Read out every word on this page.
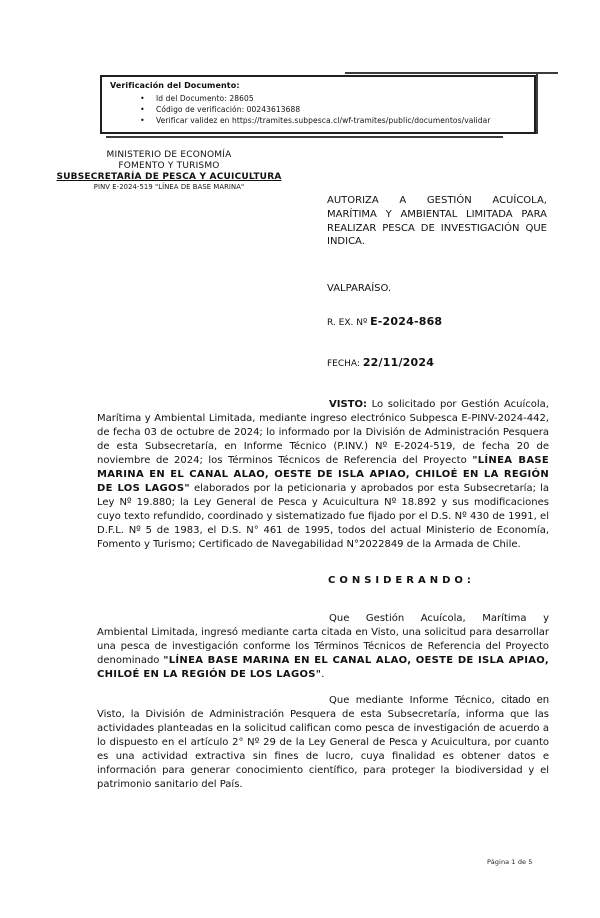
Verificación del Documento:
• Id del Documento: 28605
• Código de verificación: 00243613688
• Verificar validez en https://tramites.subpesca.cl/wf-tramites/public/documentos/validar
MINISTERIO DE ECONOMÍA
FOMENTO Y TURISMO
SUBSECRETARÍA DE PESCA Y ACUICULTURA
PINV E-2024-519 "LÍNEA DE BASE MARINA"
AUTORIZA A GESTIÓN ACUÍCOLA, MARÍTIMA Y AMBIENTAL LIMITADA PARA REALIZAR PESCA DE INVESTIGACIÓN QUE INDICA.
VALPARAÍSO.
R. EX. Nº E-2024-868
FECHA: 22/11/2024

VISTO: Lo solicitado por Gestión Acuícola, Marítima y Ambiental Limitada, mediante ingreso electrónico Subpesca E-PINV-2024-442, de fecha 03 de octubre de 2024; lo informado por la División de Administración Pesquera de esta Subsecretaría, en Informe Técnico (P.INV.) Nº E-2024-519, de fecha 20 de noviembre de 2024; los Términos Técnicos de Referencia del Proyecto "LÍNEA BASE MARINA EN EL CANAL ALAO, OESTE DE ISLA APIAO, CHILOÉ EN LA REGIÓN DE LOS LAGOS" elaborados por la peticionaria y aprobados por esta Subsecretaría; la Ley Nº 19.880; la Ley General de Pesca y Acuicultura Nº 18.892 y sus modificaciones cuyo texto refundido, coordinado y sistematizado fue fijado por el D.S. Nº 430 de 1991, el D.F.L. Nº 5 de 1983, el D.S. N° 461 de 1995, todos del actual Ministerio de Economía, Fomento y Turismo; Certificado de Navegabilidad N°2022849 de la Armada de Chile.

CONSIDERANDO:

Que Gestión Acuícola, Marítima y Ambiental Limitada, ingresó mediante carta citada en Visto, una solicitud para desarrollar una pesca de investigación conforme los Términos Técnicos de Referencia del Proyecto denominado "LÍNEA BASE MARINA EN EL CANAL ALAO, OESTE DE ISLA APIAO, CHILOÉ EN LA REGIÓN DE LOS LAGOS".

Que mediante Informe Técnico, citado en Visto, la División de Administración Pesquera de esta Subsecretaría, informa que las actividades planteadas en la solicitud califican como pesca de investigación de acuerdo a lo dispuesto en el artículo 2° Nº 29 de la Ley General de Pesca y Acuicultura, por cuanto es una actividad extractiva sin fines de lucro, cuya finalidad es obtener datos e información para generar conocimiento científico, para proteger la biodiversidad y el patrimonio sanitario del País.

Página 1 de 5
